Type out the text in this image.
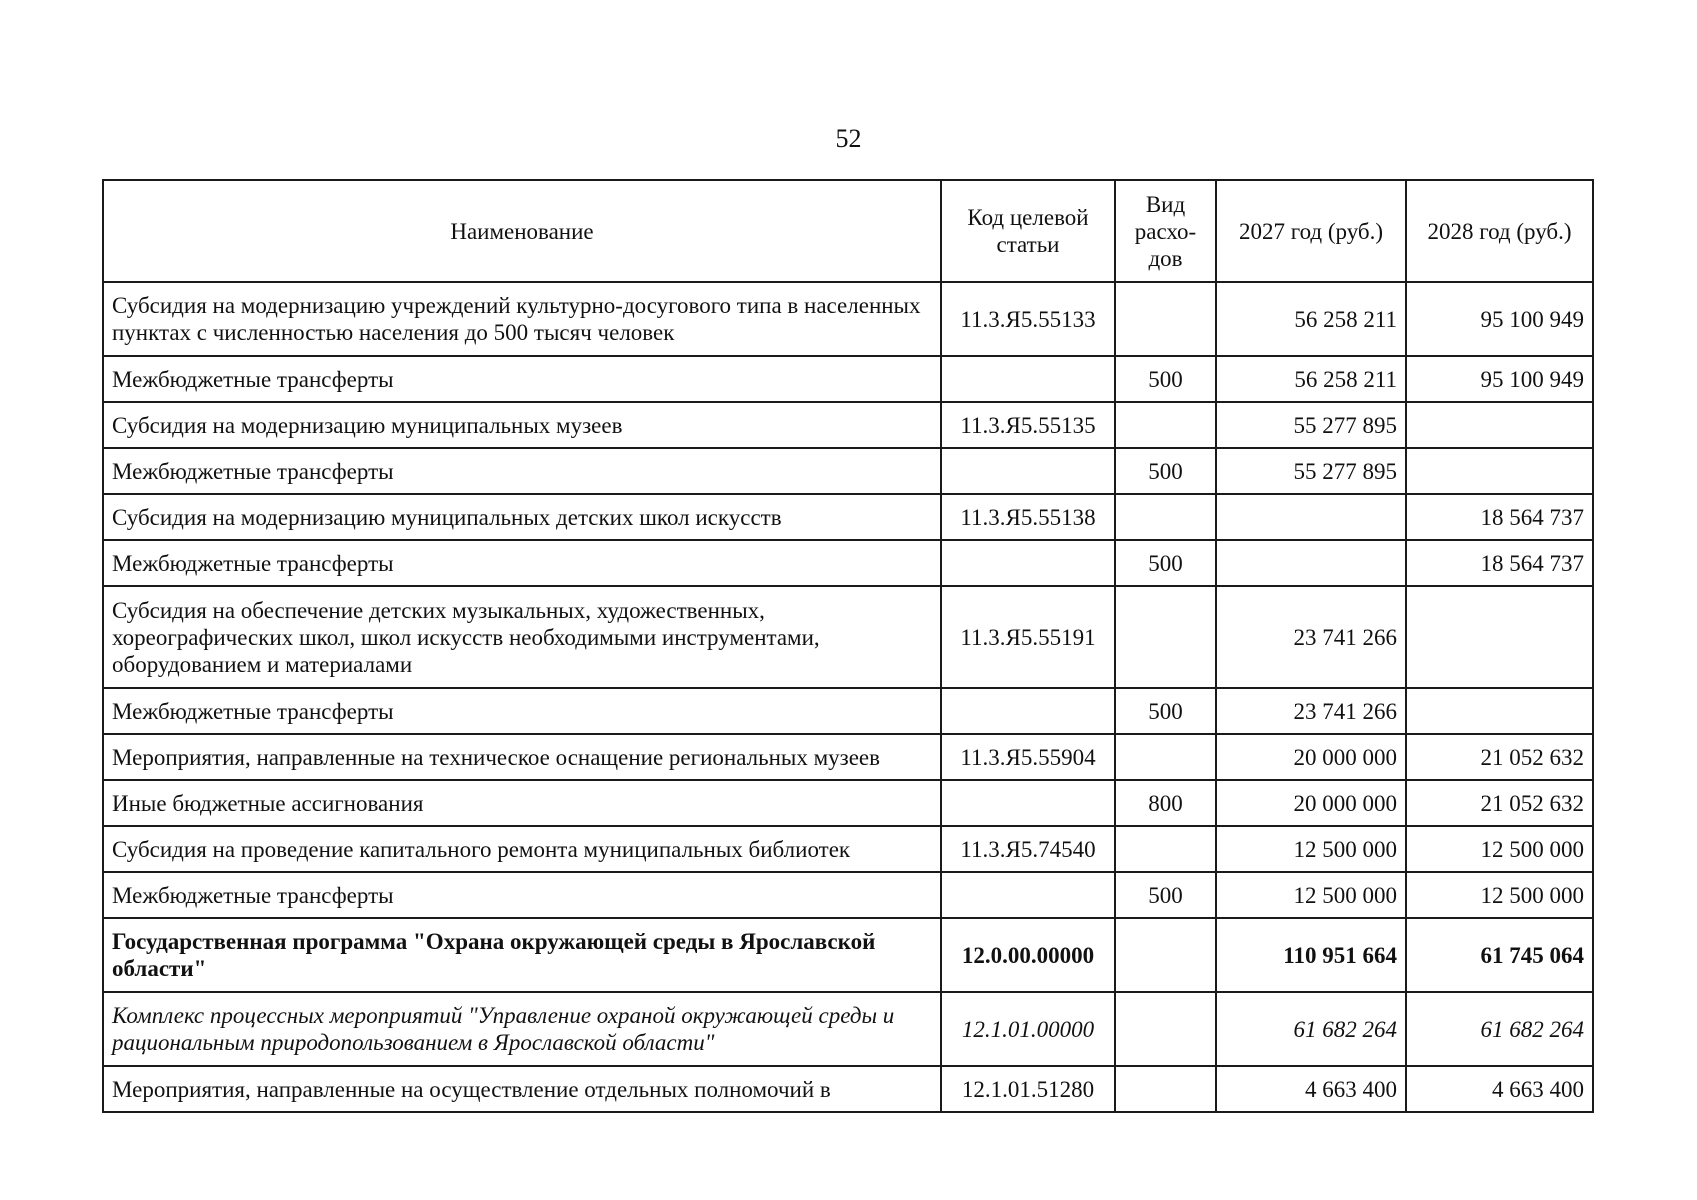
52
Наименование	Код целевой статьи	Вид расхо-дов	2027 год (руб.)	2028 год (руб.)
Субсидия на модернизацию учреждений культурно-досугового типа в населенных пунктах с численностью населения до 500 тысяч человек	11.3.Я5.55133		56 258 211	95 100 949
Межбюджетные трансферты		500	56 258 211	95 100 949
Субсидия на модернизацию муниципальных музеев	11.3.Я5.55135		55 277 895	
Межбюджетные трансферты		500	55 277 895	
Субсидия на модернизацию муниципальных детских школ искусств	11.3.Я5.55138			18 564 737
Межбюджетные трансферты		500		18 564 737
Субсидия на обеспечение детских музыкальных, художественных, хореографических школ, школ искусств необходимыми инструментами, оборудованием и материалами	11.3.Я5.55191		23 741 266	
Межбюджетные трансферты		500	23 741 266	
Мероприятия, направленные на техническое оснащение региональных музеев	11.3.Я5.55904		20 000 000	21 052 632
Иные бюджетные ассигнования		800	20 000 000	21 052 632
Субсидия на проведение капитального ремонта муниципальных библиотек	11.3.Я5.74540		12 500 000	12 500 000
Межбюджетные трансферты		500	12 500 000	12 500 000
Государственная программа "Охрана окружающей среды в Ярославской области"	12.0.00.00000		110 951 664	61 745 064
Комплекс процессных мероприятий "Управление охраной окружающей среды и рациональным природопользованием в Ярославской области"	12.1.01.00000		61 682 264	61 682 264
Мероприятия, направленные на осуществление отдельных полномочий в	12.1.01.51280		4 663 400	4 663 400
